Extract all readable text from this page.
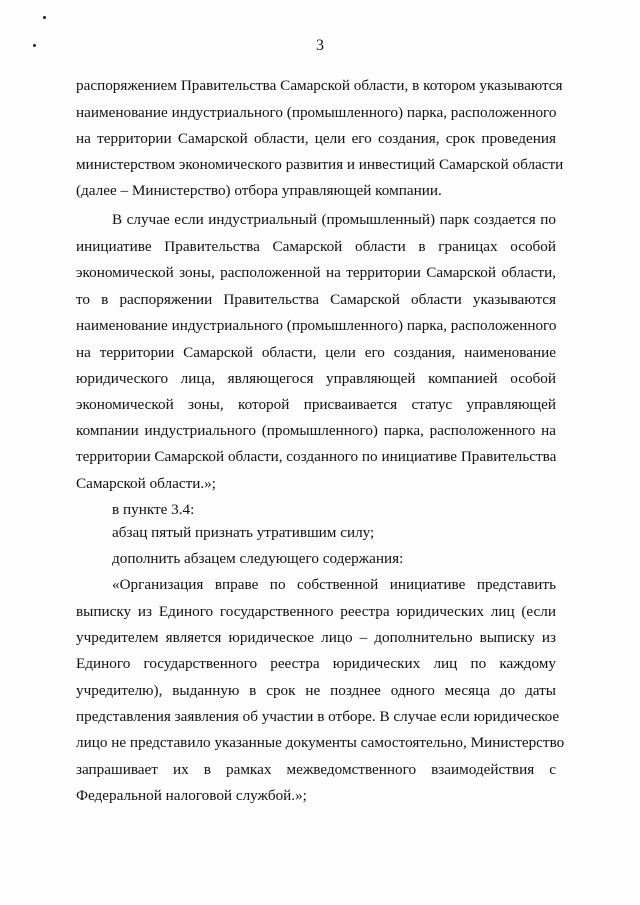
3
распоряжением Правительства Самарской области, в котором указываются
наименование индустриального (промышленного) парка, расположенного
на территории Самарской области, цели его создания, срок проведения
министерством экономического развития и инвестиций Самарской области
(далее – Министерство) отбора управляющей компании.
В случае если индустриальный (промышленный) парк создается по
инициативе Правительства Самарской области в границах особой
экономической зоны, расположенной на территории Самарской области,
то в распоряжении Правительства Самарской области указываются
наименование индустриального (промышленного) парка, расположенного
на территории Самарской области, цели его создания, наименование
юридического лица, являющегося управляющей компанией особой
экономической зоны, которой присваивается статус управляющей
компании индустриального (промышленного) парка, расположенного на
территории Самарской области, созданного по инициативе Правительства
Самарской области.»;
в пункте 3.4:
абзац пятый признать утратившим силу;
дополнить абзацем следующего содержания:
«Организация вправе по собственной инициативе представить
выписку из Единого государственного реестра юридических лиц (если
учредителем является юридическое лицо – дополнительно выписку из
Единого государственного реестра юридических лиц по каждому
учредителю), выданную в срок не позднее одного месяца до даты
представления заявления об участии в отборе. В случае если юридическое
лицо не представило указанные документы самостоятельно, Министерство
запрашивает их в рамках межведомственного взаимодействия с
Федеральной налоговой службой.»;
